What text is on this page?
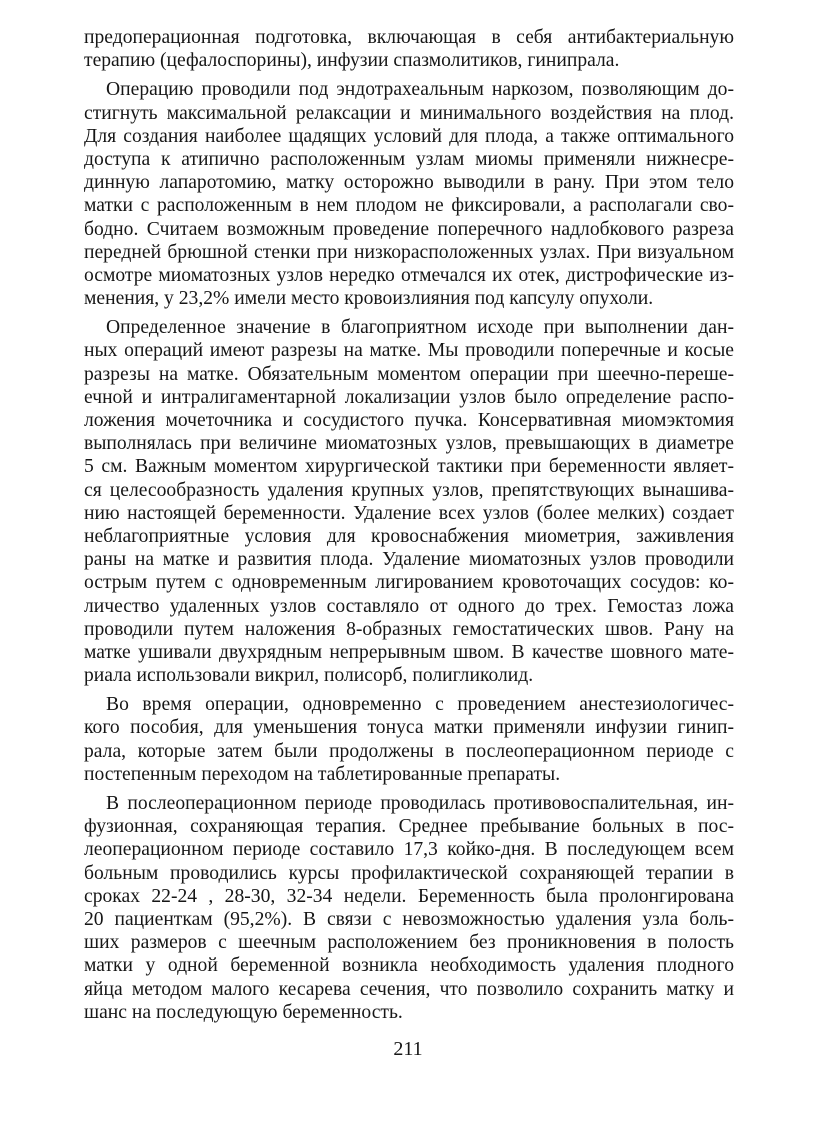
предоперационная подготовка, включающая в себя антибактериальную
терапию (цефалоспорины), инфузии спазмолитиков, гинипрала.
Операцию проводили под эндотрахеальным наркозом, позволяющим до-
стигнуть максимальной релаксации и минимального воздействия на плод.
Для создания наиболее щадящих условий для плода, а также оптимального
доступа к атипично расположенным узлам миомы применяли нижнесре-
динную лапаротомию, матку осторожно выводили в рану. При этом тело
матки с расположенным в нем плодом не фиксировали, а располагали сво-
бодно. Считаем возможным проведение поперечного надлобкового разреза
передней брюшной стенки при низкорасположенных узлах. При визуальном
осмотре миоматозных узлов нередко отмечался их отек, дистрофические из-
менения, у 23,2% имели место кровоизлияния под капсулу опухоли.
Определенное значение в благоприятном исходе при выполнении дан-
ных операций имеют разрезы на матке. Мы проводили поперечные и косые
разрезы на матке. Обязательным моментом операции при шеечно-переше-
ечной и интралигаментарной локализации узлов было определение распо-
ложения мочеточника и сосудистого пучка. Консервативная миомэктомия
выполнялась при величине миоматозных узлов, превышающих в диаметре
5 см. Важным моментом хирургической тактики при беременности являет-
ся целесообразность удаления крупных узлов, препятствующих вынашива-
нию настоящей беременности. Удаление всех узлов (более мелких) создает
неблагоприятные условия для кровоснабжения миометрия, заживления
раны на матке и развития плода. Удаление миоматозных узлов проводили
острым путем с одновременным лигированием кровоточащих сосудов: ко-
личество удаленных узлов составляло от одного до трех. Гемостаз ложа
проводили путем наложения 8-образных гемостатических швов. Рану на
матке ушивали двухрядным непрерывным швом. В качестве шовного мате-
риала использовали викрил, полисорб, полигликолид.
Во время операции, одновременно с проведением анестезиологичес-
кого пособия, для уменьшения тонуса матки применяли инфузии гинип-
рала, которые затем были продолжены в послеоперационном периоде с
постепенным переходом на таблетированные препараты.
В послеоперационном периоде проводилась противовоспалительная, ин-
фузионная, сохраняющая терапия. Среднее пребывание больных в пос-
леоперационном периоде составило 17,3 койко-дня. В последующем всем
больным проводились курсы профилактической сохраняющей терапии в
сроках 22-24 , 28-30, 32-34 недели. Беременность была пролонгирована
20 пациенткам (95,2%). В связи с невозможностью удаления узла боль-
ших размеров с шеечным расположением без проникновения в полость
матки у одной беременной возникла необходимость удаления плодного
яйца методом малого кесарева сечения, что позволило сохранить матку и
шанс на последующую беременность.
211
